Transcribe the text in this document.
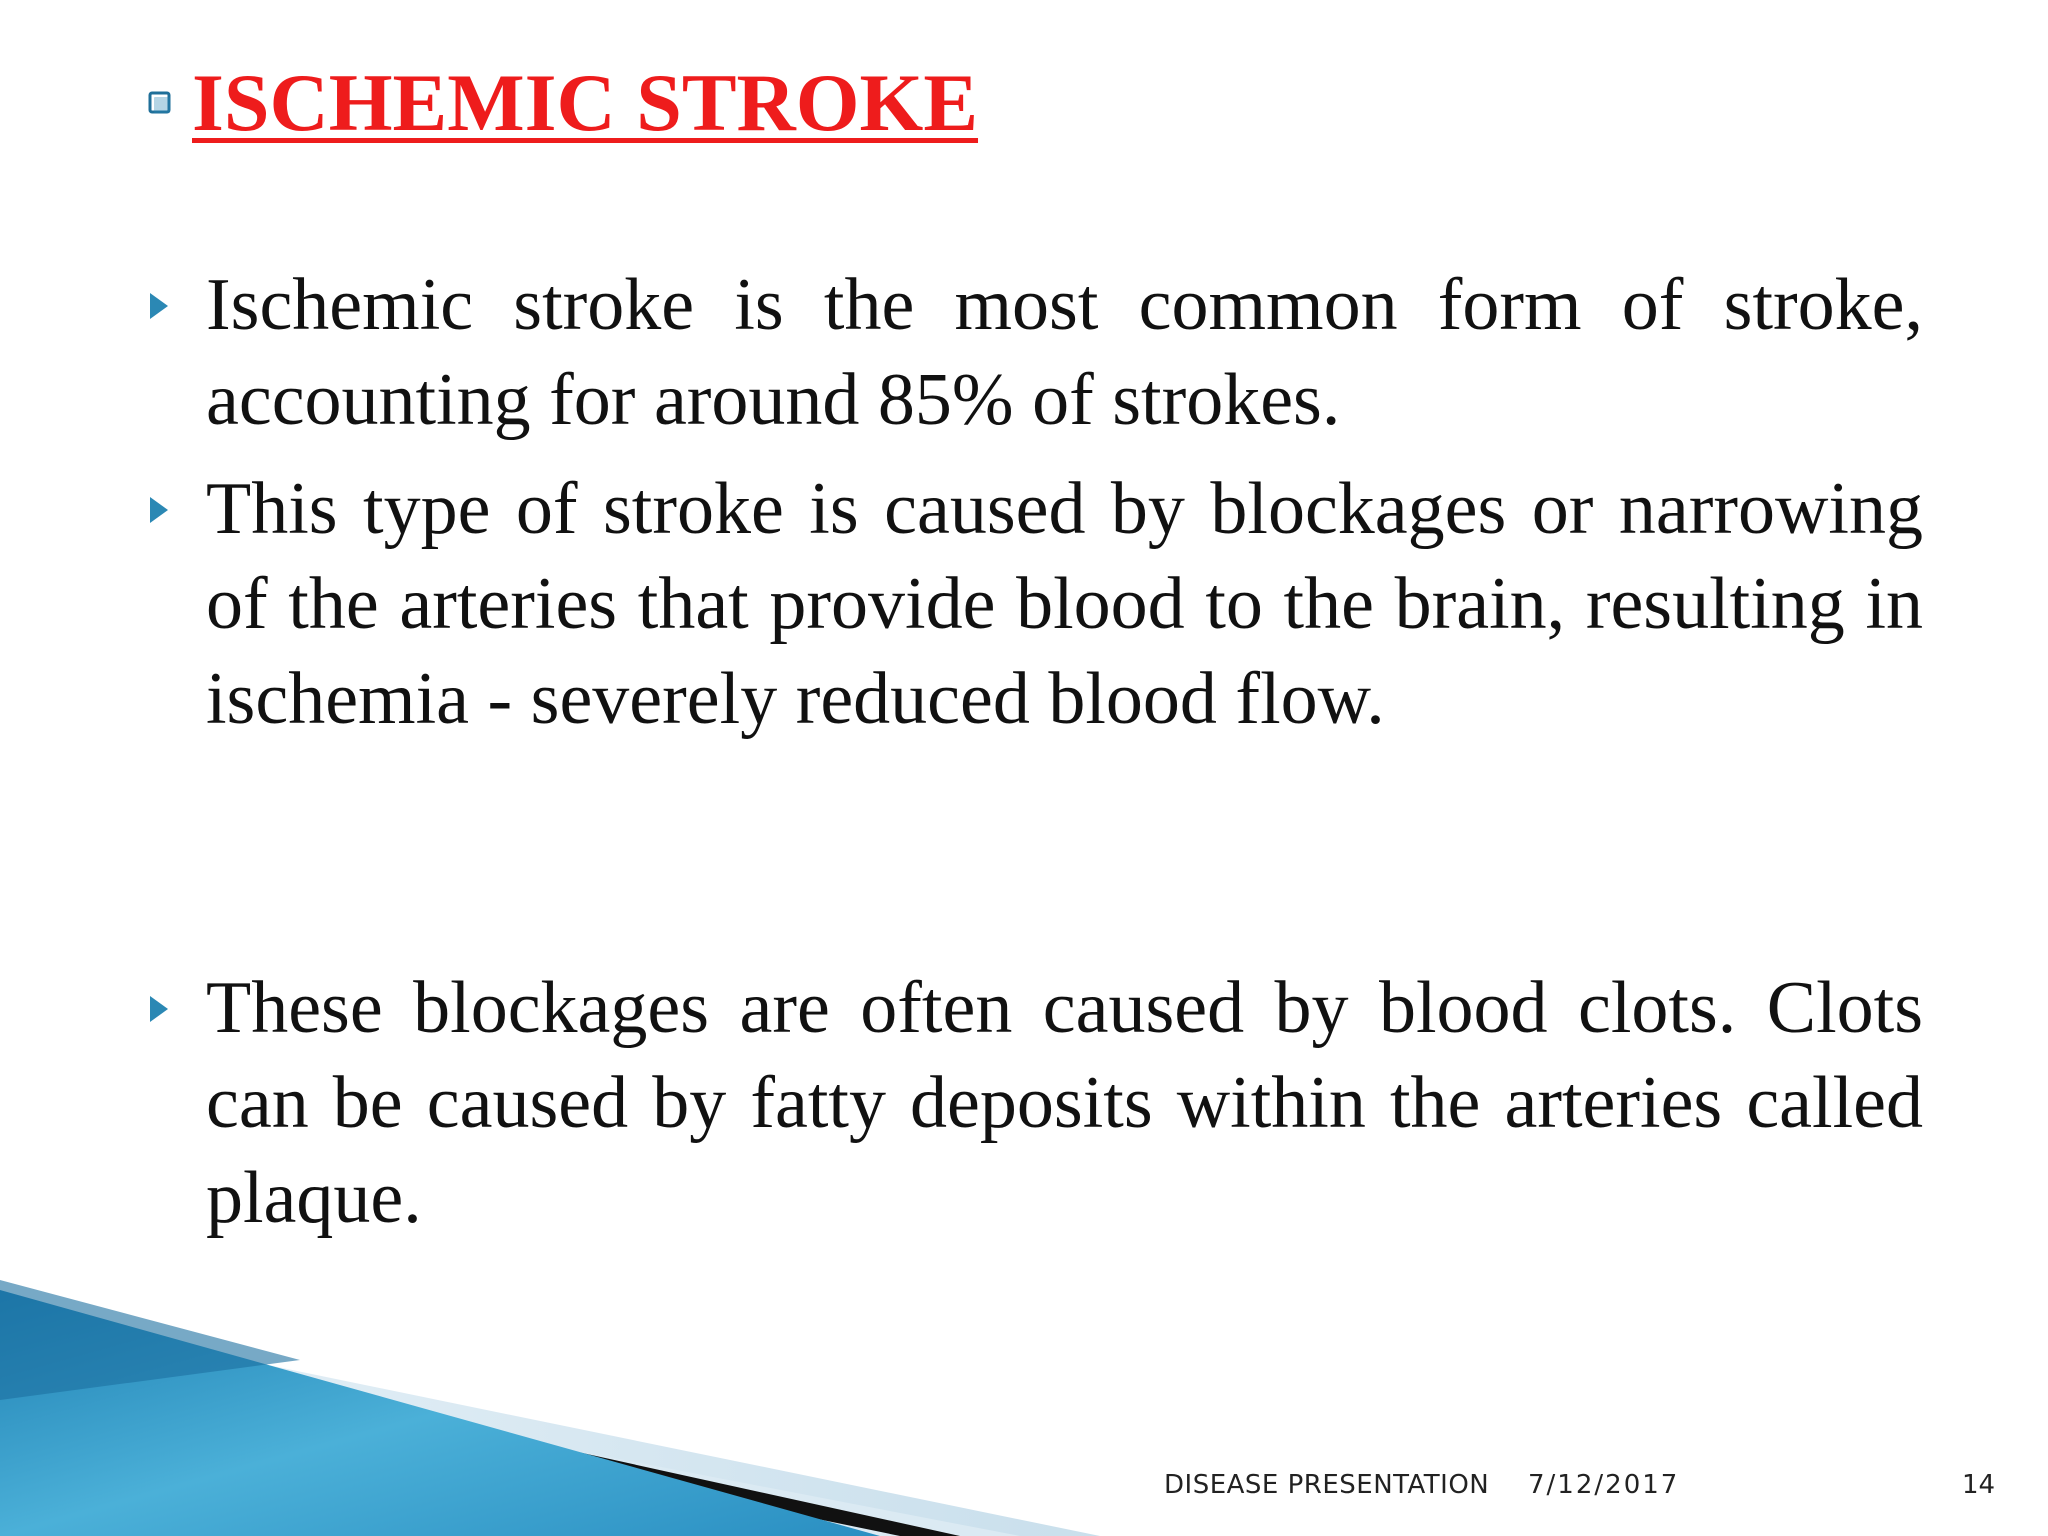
ISCHEMIC STROKE

Ischemic stroke is the most common form of stroke, accounting for around 85% of strokes.

This type of stroke is caused by blockages or narrowing of the arteries that provide blood to the brain, resulting in ischemia - severely reduced blood flow.

These blockages are often caused by blood clots. Clots can be caused by fatty deposits within the arteries called plaque.

DISEASE PRESENTATION 7/12/2017	14
